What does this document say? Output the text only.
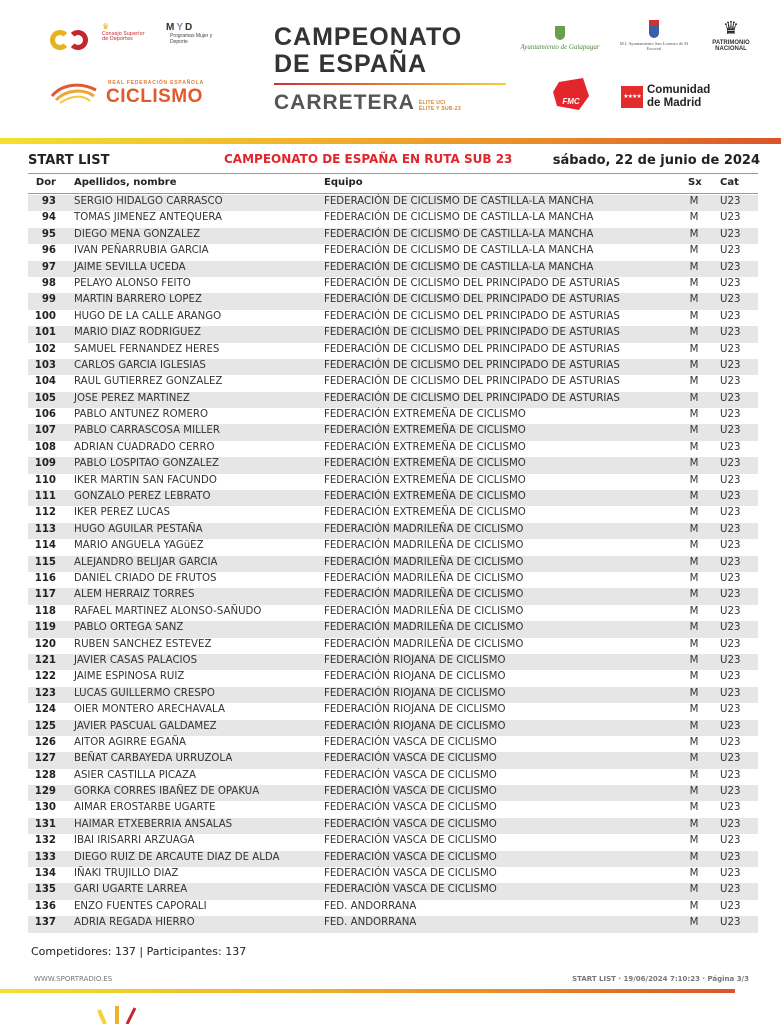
♛
Consejo Superior de Deportes
MYD
Programas Mujer y Deporte
REAL FEDERACIÓN ESPAÑOLA
CICLISMO
CAMPEONATO
DE ESPAÑA
CARRETERA ÉLITE UCI
ÉLITE Y SUB-23
Ayuntamiento de Galapagar	M.I. Ayuntamiento San Lorenzo de El Escorial
♛
PATRIMONIO NACIONAL
FMC
★★★★
Comunidad
de Madrid
START LIST	CAMPEONATO DE ESPAÑA EN RUTA SUB 23	sábado, 22 de junio de 2024
Dor Apellidos, nombre	Equipo	Sx Cat
93 SERGIO HIDALGO CARRASCO	FEDERACIÓN DE CICLISMO DE CASTILLA-LA MANCHA	M U23
94 TOMAS JIMENEZ ANTEQUERA	FEDERACIÓN DE CICLISMO DE CASTILLA-LA MANCHA	M U23
95 DIEGO MENA GONZALEZ	FEDERACIÓN DE CICLISMO DE CASTILLA-LA MANCHA	M U23
96 IVAN PEÑARRUBIA GARCIA	FEDERACIÓN DE CICLISMO DE CASTILLA-LA MANCHA	M U23
97 JAIME SEVILLA UCEDA	FEDERACIÓN DE CICLISMO DE CASTILLA-LA MANCHA	M U23
98 PELAYO ALONSO FEITO	FEDERACIÓN DE CICLISMO DEL PRINCIPADO DE ASTURIAS	M U23
99 MARTIN BARRERO LOPEZ	FEDERACIÓN DE CICLISMO DEL PRINCIPADO DE ASTURIAS	M U23
100 HUGO DE LA CALLE ARANGO	FEDERACIÓN DE CICLISMO DEL PRINCIPADO DE ASTURIAS	M U23
101 MARIO DIAZ RODRIGUEZ	FEDERACIÓN DE CICLISMO DEL PRINCIPADO DE ASTURIAS	M U23
102 SAMUEL FERNANDEZ HERES	FEDERACIÓN DE CICLISMO DEL PRINCIPADO DE ASTURIAS	M U23
103 CARLOS GARCIA IGLESIAS	FEDERACIÓN DE CICLISMO DEL PRINCIPADO DE ASTURIAS	M U23
104 RAUL GUTIERREZ GONZALEZ	FEDERACIÓN DE CICLISMO DEL PRINCIPADO DE ASTURIAS	M U23
105 JOSE PEREZ MARTINEZ	FEDERACIÓN DE CICLISMO DEL PRINCIPADO DE ASTURIAS	M U23
106 PABLO ANTUNEZ ROMERO	FEDERACIÓN EXTREMEÑA DE CICLISMO	M U23
107 PABLO CARRASCOSA MILLER	FEDERACIÓN EXTREMEÑA DE CICLISMO	M U23
108 ADRIAN CUADRADO CERRO	FEDERACIÓN EXTREMEÑA DE CICLISMO	M U23
109 PABLO LOSPITAO GONZALEZ	FEDERACIÓN EXTREMEÑA DE CICLISMO	M U23
110 IKER MARTIN SAN FACUNDO	FEDERACIÓN EXTREMEÑA DE CICLISMO	M U23
111 GONZALO PEREZ LEBRATO	FEDERACIÓN EXTREMEÑA DE CICLISMO	M U23
112 IKER PEREZ LUCAS	FEDERACIÓN EXTREMEÑA DE CICLISMO	M U23
113 HUGO AGUILAR PESTAÑA	FEDERACIÓN MADRILEÑA DE CICLISMO	M U23
114 MARIO ANGUELA YAGüEZ	FEDERACIÓN MADRILEÑA DE CICLISMO	M U23
115 ALEJANDRO BELIJAR GARCIA	FEDERACIÓN MADRILEÑA DE CICLISMO	M U23
116 DANIEL CRIADO DE FRUTOS	FEDERACIÓN MADRILEÑA DE CICLISMO	M U23
117 ALEM HERRAIZ TORRES	FEDERACIÓN MADRILEÑA DE CICLISMO	M U23
118 RAFAEL MARTINEZ ALONSO-SAÑUDO	FEDERACIÓN MADRILEÑA DE CICLISMO	M U23
119 PABLO ORTEGA SANZ	FEDERACIÓN MADRILEÑA DE CICLISMO	M U23
120 RUBEN SANCHEZ ESTEVEZ	FEDERACIÓN MADRILEÑA DE CICLISMO	M U23
121 JAVIER CASAS PALACIOS	FEDERACIÓN RIOJANA DE CICLISMO	M U23
122 JAIME ESPINOSA RUIZ	FEDERACIÓN RIOJANA DE CICLISMO	M U23
123 LUCAS GUILLERMO CRESPO	FEDERACIÓN RIOJANA DE CICLISMO	M U23
124 OIER MONTERO ARECHAVALA	FEDERACIÓN RIOJANA DE CICLISMO	M U23
125 JAVIER PASCUAL GALDAMEZ	FEDERACIÓN RIOJANA DE CICLISMO	M U23
126 AITOR AGIRRE EGAÑA	FEDERACIÓN VASCA DE CICLISMO	M U23
127 BEÑAT CARBAYEDA URRUZOLA	FEDERACIÓN VASCA DE CICLISMO	M U23
128 ASIER CASTILLA PICAZA	FEDERACIÓN VASCA DE CICLISMO	M U23
129 GORKA CORRES IBAÑEZ DE OPAKUA	FEDERACIÓN VASCA DE CICLISMO	M U23
130 AIMAR EROSTARBE UGARTE	FEDERACIÓN VASCA DE CICLISMO	M U23
131 HAIMAR ETXEBERRIA ANSALAS	FEDERACIÓN VASCA DE CICLISMO	M U23
132 IBAI IRISARRI ARZUAGA	FEDERACIÓN VASCA DE CICLISMO	M U23
133 DIEGO RUIZ DE ARCAUTE DIAZ DE ALDA	FEDERACIÓN VASCA DE CICLISMO	M U23
134 IÑAKI TRUJILLO DIAZ	FEDERACIÓN VASCA DE CICLISMO	M U23
135 GARI UGARTE LARREA	FEDERACIÓN VASCA DE CICLISMO	M U23
136 ENZO FUENTES CAPORALI	FED. ANDORRANA	M U23
137 ADRIA REGADA HIERRO	FED. ANDORRANA	M U23
Competidores: 137 | Participantes: 137
WWW.SPORTRADIO.ES	START LIST · 19/06/2024 7:10:23 · Página 3/3
